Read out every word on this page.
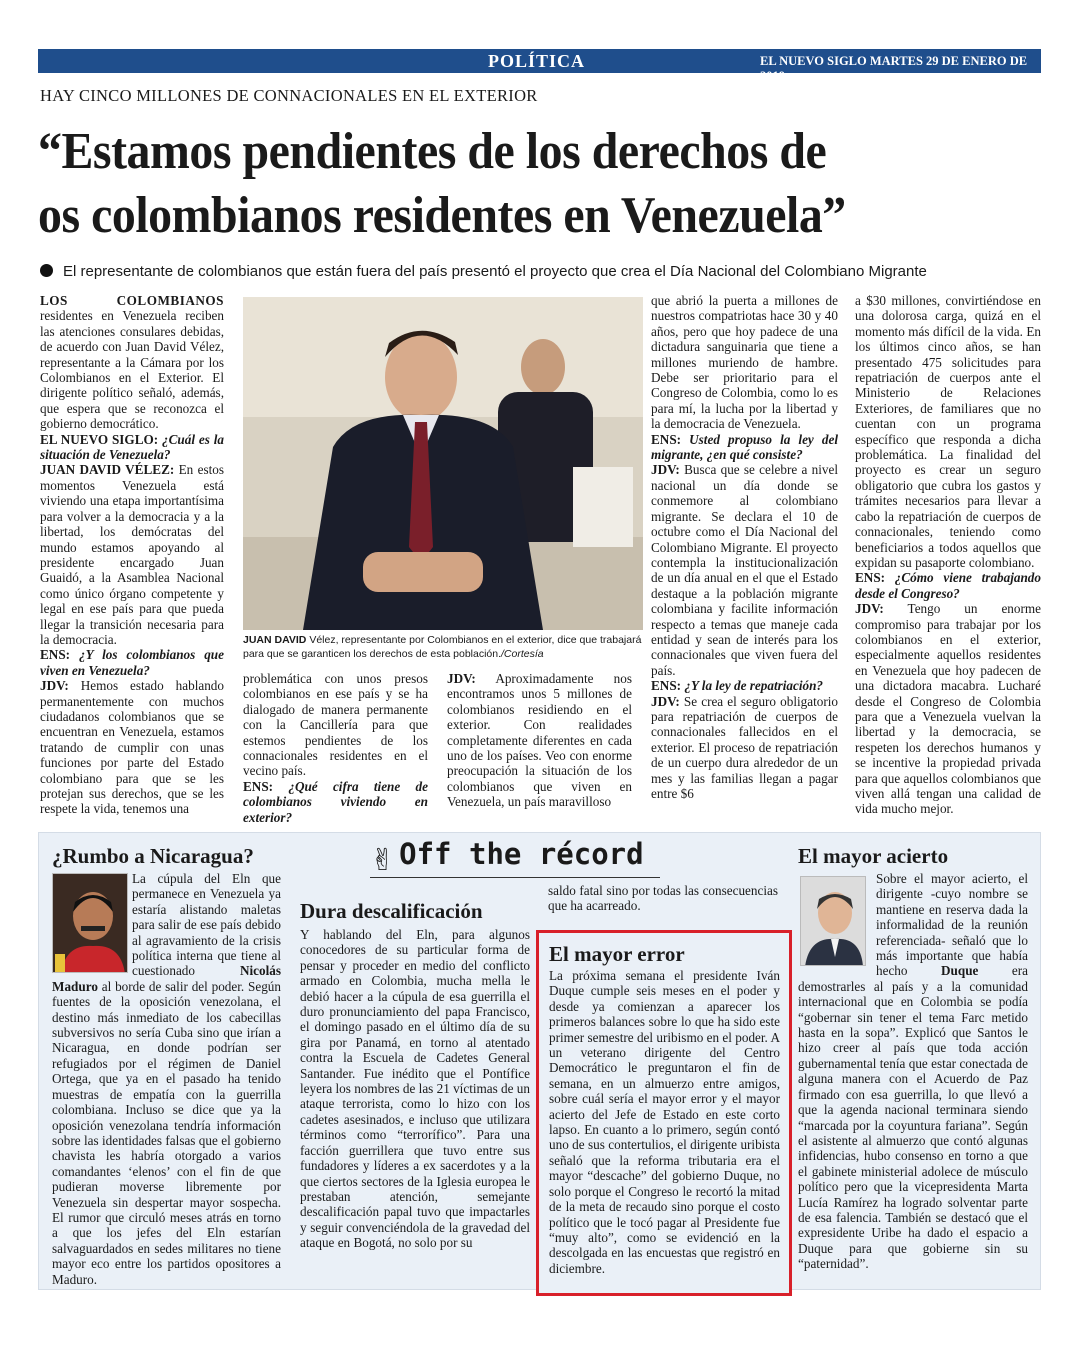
POLÍTICA	EL NUEVO SIGLO MARTES 29 DE ENERO DE 2019
11A
HAY CINCO MILLONES DE CONNACIONALES EN EL EXTERIOR
“Estamos pendientes de los derechos de
os colombianos residentes en Venezuela”
El representante de colombianos que están fuera del país presentó el proyecto que crea el Día Nacional del Colombiano Migrante

LOS COLOMBIANOS residentes en Venezuela reciben las atenciones consulares debidas, de acuerdo con Juan David Vélez, representante a la Cámara por los Colombianos en el Exterior. El dirigente político señaló, además, que espera que se reconozca el gobierno democrático.

EL NUEVO SIGLO: ¿Cuál es la situación de Venezuela?

JUAN DAVID VÉLEZ: En estos momentos Venezuela está viviendo una etapa importantísima para volver a la democracia y a la libertad, los demócratas del mundo estamos apoyando al presidente encargado Juan Guaidó, a la Asamblea Nacional como único órgano competente y legal en ese país para que pueda llegar la transición necesaria para la democracia.

ENS: ¿Y los colombianos que viven en Venezuela?

JDV: Hemos estado hablando permanentemente con muchos ciudadanos colombianos que se encuentran en Venezuela, estamos tratando de cumplir con unas funciones por parte del Estado colombiano para que se les protejan sus derechos, que se les respete la vida, tenemos una

JUAN DAVID Vélez, representante por Colombianos en el exterior, dice que trabajará para que se garanticen los derechos de esta población./Cortesía

problemática con unos presos colombianos en ese país y se ha dialogado de manera permanente con la Cancillería para que estemos pendientes de los connacionales residentes en el vecino país.

ENS: ¿Qué cifra tiene de colombianos viviendo en exterior?

JDV: Aproximadamente nos encontramos unos 5 millones de colombianos residiendo en el exterior. Con realidades completamente diferentes en cada uno de los países. Veo con enorme preocupación la situación de los colombianos que viven en Venezuela, un país maravilloso

que abrió la puerta a millones de nuestros compatriotas hace 30 y 40 años, pero que hoy padece de una dictadura sanguinaria que tiene a millones muriendo de hambre. Debe ser prioritario para el Congreso de Colombia, como lo es para mí, la lucha por la libertad y la democracia de Venezuela.

ENS: Usted propuso la ley del migrante, ¿en qué consiste?

JDV: Busca que se celebre a nivel nacional un día donde se conmemore al colombiano migrante. Se declara el 10 de octubre como el Día Nacional del Colombiano Migrante. El proyecto contempla la institucionalización de un día anual en el que el Estado destaque a la población migrante colombiana y facilite información respecto a temas que maneje cada entidad y sean de interés para los connacionales que viven fuera del país.

ENS: ¿Y la ley de repatriación?

JDV: Se crea el seguro obligatorio para repatriación de cuerpos de connacionales fallecidos en el exterior. El proceso de repatriación de un cuerpo dura alrededor de un mes y las familias llegan a pagar entre $6

a $30 millones, convirtiéndose en una dolorosa carga, quizá en el momento más difícil de la vida. En los últimos cinco años, se han presentado 475 solicitudes para repatriación de cuerpos ante el Ministerio de Relaciones Exteriores, de familiares que no cuentan con un programa específico que responda a dicha problemática. La finalidad del proyecto es crear un seguro obligatorio que cubra los gastos y trámites necesarios para llevar a cabo la repatriación de cuerpos de connacionales, teniendo como beneficiarios a todos aquellos que expidan su pasaporte colombiano.

ENS: ¿Cómo viene trabajando desde el Congreso?

JDV: Tengo un enorme compromiso para trabajar por los colombianos en el exterior, especialmente aquellos residentes en Venezuela que hoy padecen de una dictadora macabra. Lucharé desde el Congreso de Colombia para que a Venezuela vuelvan la libertad y la democracia, se respeten los derechos humanos y se incentive la propiedad privada para que aquellos colombianos que viven allá tengan una calidad de vida mucho mejor.

✌ Off the récord
¿Rumbo a Nicaragua?
La cúpula del Eln que permanece en Venezuela ya estaría alistando maletas para salir de ese país debido al agravamiento de la crisis política interna que tiene al cuestionado Nicolás Maduro al borde de salir del poder. Según fuentes de la oposición venezolana, el destino más inmediato de los cabecillas subversivos no sería Cuba sino que irían a Nicaragua, en donde podrían ser refugiados por el régimen de Daniel Ortega, que ya en el pasado ha tenido muestras de empatía con la guerrilla colombiana. Incluso se dice que ya la oposición venezolana tendría información sobre las identidades falsas que el gobierno chavista les habría otorgado a varios comandantes ‘elenos’ con el fin de que pudieran moverse libremente por Venezuela sin despertar mayor sospecha. El rumor que circuló meses atrás en torno a que los jefes del Eln estarían salvaguardados en sedes militares no tiene mayor eco entre los partidos opositores a Maduro.
Dura descalificación
Y hablando del Eln, para algunos conocedores de su particular forma de pensar y proceder en medio del conflicto armado en Colombia, mucha mella le debió hacer a la cúpula de esa guerrilla el duro pronunciamiento del papa Francisco, el domingo pasado en el último día de su gira por Panamá, en torno al atentado contra la Escuela de Cadetes General Santander. Fue inédito que el Pontífice leyera los nombres de las 21 víctimas de un ataque terrorista, como lo hizo con los cadetes asesinados, e incluso que utilizara términos como “terrorífico”. Para una facción guerrillera que tuvo entre sus fundadores y líderes a ex sacerdotes y a la que ciertos sectores de la Iglesia europea le prestaban atención, semejante descalificación papal tuvo que impactarles y seguir convenciéndola de la gravedad del ataque en Bogotá, no solo por su
saldo fatal sino por todas las consecuencias que ha acarreado.
El mayor error
La próxima semana el presidente Iván Duque cumple seis meses en el poder y desde ya comienzan a aparecer los primeros balances sobre lo que ha sido este primer semestre del uribismo en el poder. A un veterano dirigente del Centro Democrático le preguntaron el fin de semana, en un almuerzo entre amigos, sobre cuál sería el mayor error y el mayor acierto del Jefe de Estado en este corto lapso. En cuanto a lo primero, según contó uno de sus contertulios, el dirigente uribista señaló que la reforma tributaria era el mayor “descache” del gobierno Duque, no solo porque el Congreso le recortó la mitad de la meta de recaudo sino porque el costo político que le tocó pagar al Presidente fue “muy alto”, como se evidenció en la descolgada en las encuestas que registró en diciembre.
El mayor acierto
Sobre el mayor acierto, el dirigente -cuyo nombre se mantiene en reserva dada la informalidad de la reunión referenciada- señaló que lo más importante que había hecho Duque era demostrarles al país y a la comunidad internacional que en Colombia se podía “gobernar sin tener el tema Farc metido hasta en la sopa”. Explicó que Santos le hizo creer al país que toda acción gubernamental tenía que estar conectada de alguna manera con el Acuerdo de Paz firmado con esa guerrilla, lo que llevó a que la agenda nacional terminara siendo “marcada por la coyuntura fariana”. Según el asistente al almuerzo que contó algunas infidencias, hubo consenso en torno a que el gabinete ministerial adolece de músculo político pero que la vicepresidenta Marta Lucía Ramírez ha logrado solventar parte de esa falencia. También se destacó que el expresidente Uribe ha dado el espacio a Duque para que gobierne sin su “paternidad”.
